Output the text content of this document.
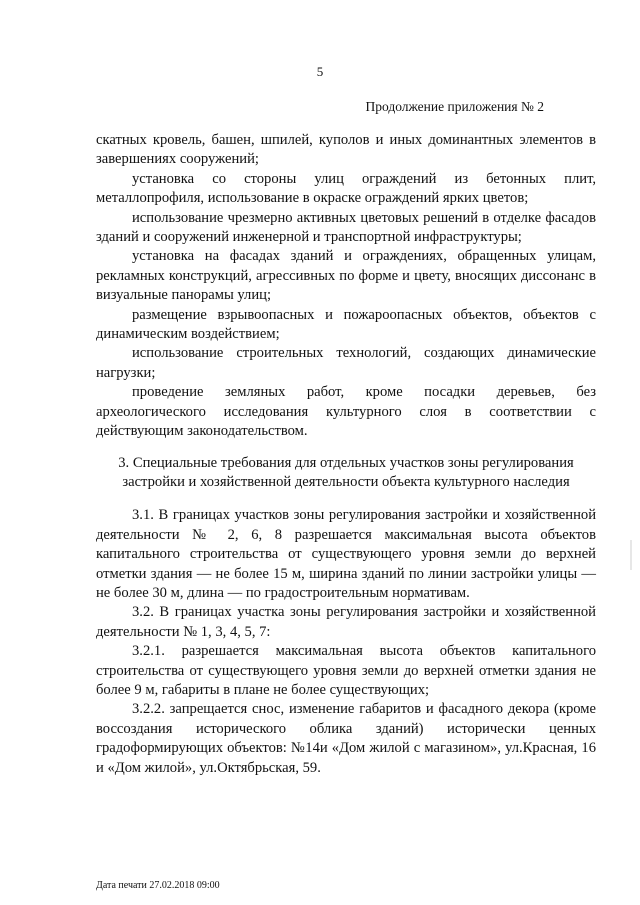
5
Продолжение приложения № 2

скатных кровель, башен, шпилей, куполов и иных доминантных элементов в завершениях сооружений;

установка со стороны улиц ограждений из бетонных плит, металлопрофиля, использование в окраске ограждений ярких цветов;

использование чрезмерно активных цветовых решений в отделке фасадов зданий и сооружений инженерной и транспортной инфраструктуры;

установка на фасадах зданий и ограждениях, обращенных улицам, рекламных конструкций, агрессивных по форме и цвету, вносящих диссонанс в визуальные панорамы улиц;

размещение взрывоопасных и пожароопасных объектов, объектов с динамическим воздействием;

использование строительных технологий, создающих динамические нагрузки;

проведение земляных работ, кроме посадки деревьев, без археологического исследования культурного слоя в соответствии с действующим законодательством.

3. Специальные требования для отдельных участков зоны регулирования застройки и хозяйственной деятельности объекта культурного наследия

3.1. В границах участков зоны регулирования застройки и хозяйственной деятельности № 2, 6, 8 разрешается максимальная высота объектов капитального строительства от существующего уровня земли до верхней отметки здания — не более 15 м, ширина зданий по линии застройки улицы — не более 30 м, длина — по градостроительным нормативам.

3.2. В границах участка зоны регулирования застройки и хозяйственной деятельности № 1, 3, 4, 5, 7:

3.2.1. разрешается максимальная высота объектов капитального строительства от существующего уровня земли до верхней отметки здания не более 9 м, габариты в плане не более существующих;

3.2.2. запрещается снос, изменение габаритов и фасадного декора (кроме воссоздания исторического облика зданий) исторически ценных градоформирующих объектов: №14и «Дом жилой с магазином», ул.Красная, 16 и «Дом жилой», ул.Октябрьская, 59.

Дата печати 27.02.2018 09:00
